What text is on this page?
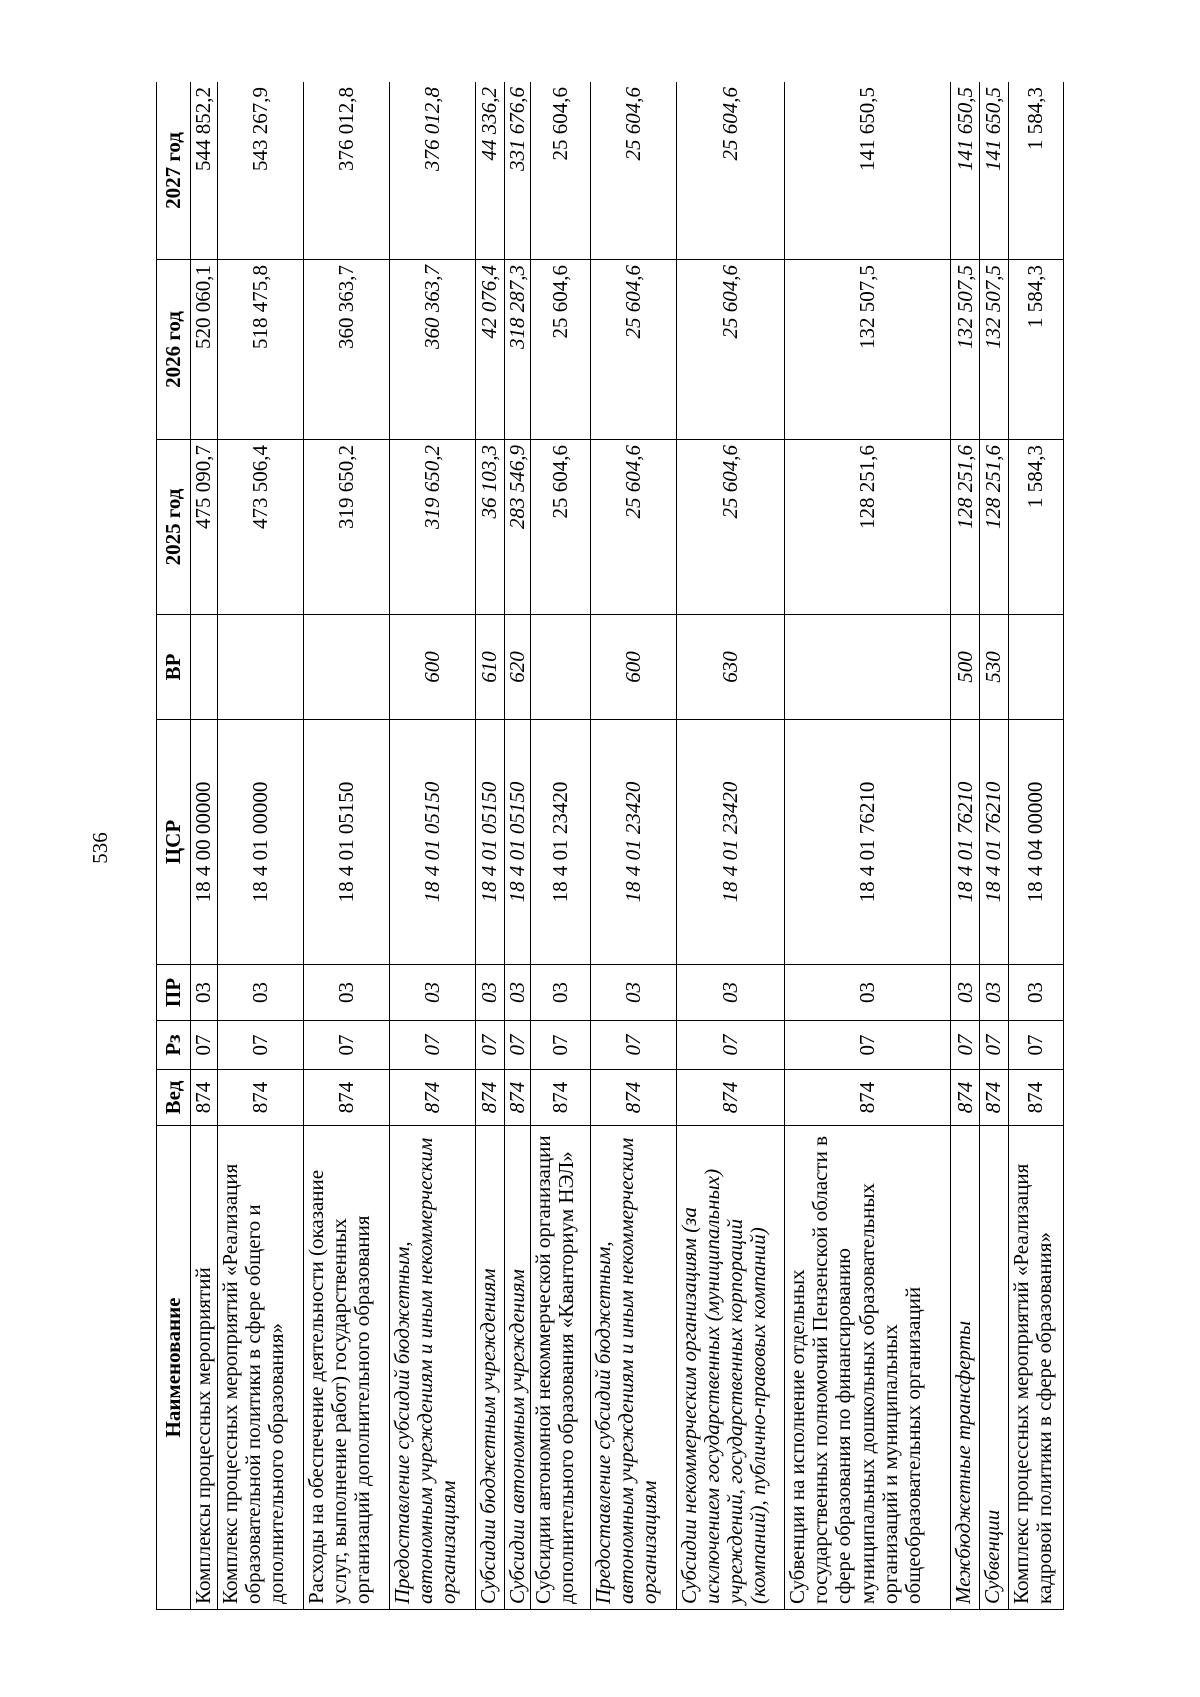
536
Наименование	Вед	Рз	ПР	ЦСР	ВР	2025 год	2026 год	2027 год
Комплексы процессных мероприятий	874	07	03	18 4 00 00000		475 090,7	520 060,1	544 852,2
Комплекс процессных мероприятий «Реализация образовательной политики в сфере общего и дополнительного образования»	874	07	03	18 4 01 00000		473 506,4	518 475,8	543 267,9
Расходы на обеспечение деятельности (оказание услуг, выполнение работ) государственных организаций дополнительного образования	874	07	03	18 4 01 05150		319 650,2	360 363,7	376 012,8
Предоставление субсидий бюджетным, автономным учреждениям и иным некоммерческим организациям	874	07	03	18 4 01 05150	600	319 650,2	360 363,7	376 012,8
Субсидии бюджетным учреждениям	874	07	03	18 4 01 05150	610	36 103,3	42 076,4	44 336,2
Субсидии автономным учреждениям	874	07	03	18 4 01 05150	620	283 546,9	318 287,3	331 676,6
Субсидии автономной некоммерческой организации дополнительного образования «Кванториум НЭЛ»	874	07	03	18 4 01 23420		25 604,6	25 604,6	25 604,6
Предоставление субсидий бюджетным, автономным учреждениям и иным некоммерческим организациям	874	07	03	18 4 01 23420	600	25 604,6	25 604,6	25 604,6
Субсидии некоммерческим организациям (за исключением государственных (муниципальных) учреждений, государственных корпораций (компаний), публично-правовых компаний)	874	07	03	18 4 01 23420	630	25 604,6	25 604,6	25 604,6
Субвенции на исполнение отдельных государственных полномочий Пензенской области в сфере образования по финансированию муниципальных дошкольных образовательных организаций и муниципальных общеобразовательных организаций	874	07	03	18 4 01 76210		128 251,6	132 507,5	141 650,5
Межбюджетные трансферты	874	07	03	18 4 01 76210	500	128 251,6	132 507,5	141 650,5
Субвенции	874	07	03	18 4 01 76210	530	128 251,6	132 507,5	141 650,5
Комплекс процессных мероприятий «Реализация кадровой политики в сфере образования»	874	07	03	18 4 04 00000		1 584,3	1 584,3	1 584,3
